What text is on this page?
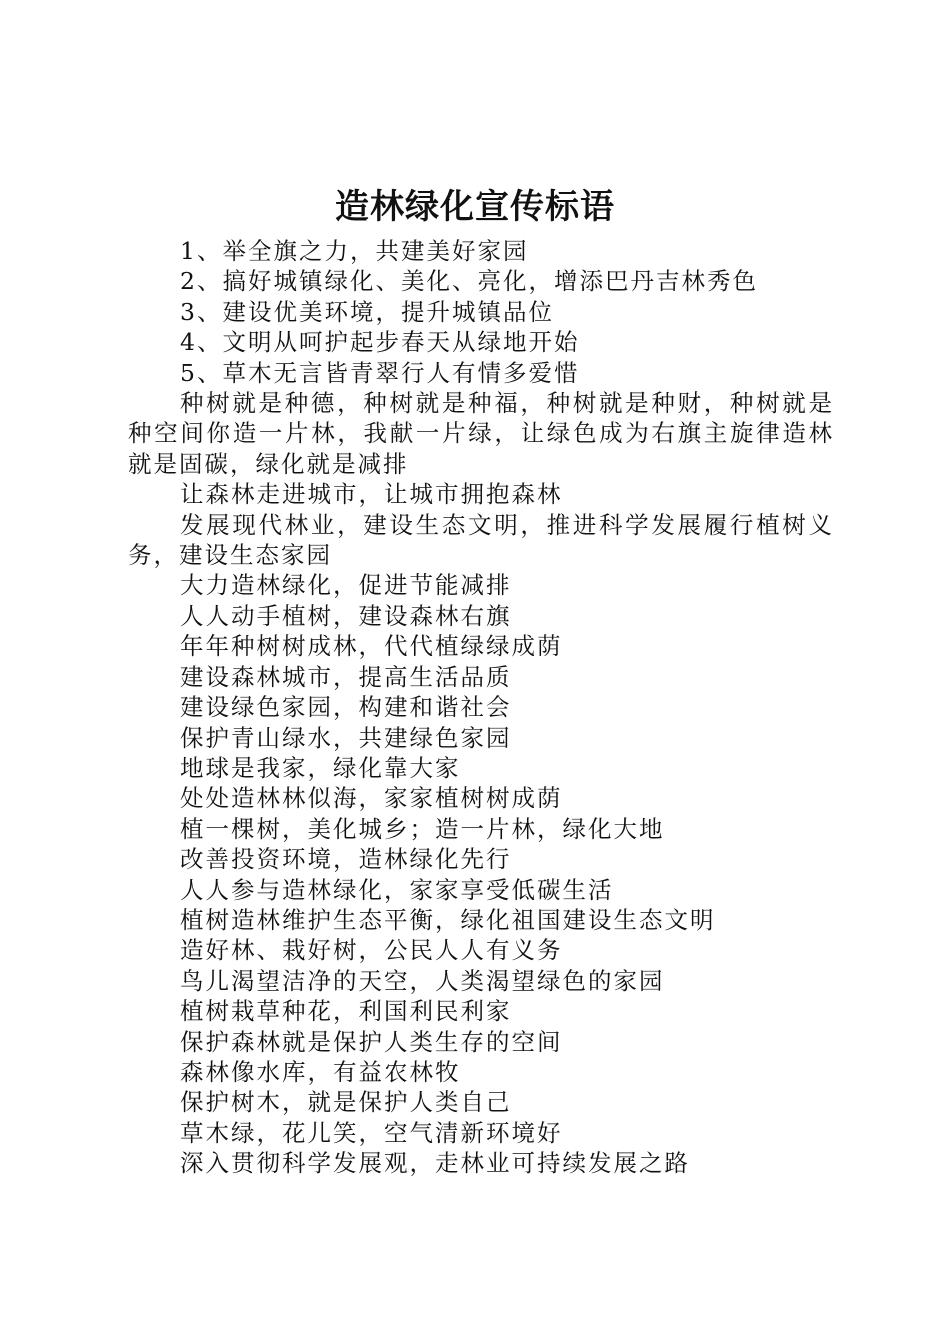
造林绿化宣传标语

1、举全旗之力，共建美好家园

2、搞好城镇绿化、美化、亮化，增添巴丹吉林秀色

3、建设优美环境，提升城镇品位

4、文明从呵护起步春天从绿地开始

5、草木无言皆青翠行人有情多爱惜

种树就是种德，种树就是种福，种树就是种财，种树就是种空间你造一片林，我献一片绿，让绿色成为右旗主旋律造林就是固碳，绿化就是减排

让森林走进城市，让城市拥抱森林

发展现代林业，建设生态文明，推进科学发展履行植树义务，建设生态家园

大力造林绿化，促进节能减排

人人动手植树，建设森林右旗

年年种树树成林，代代植绿绿成荫

建设森林城市，提高生活品质

建设绿色家园，构建和谐社会

保护青山绿水，共建绿色家园

地球是我家，绿化靠大家

处处造林林似海，家家植树树成荫

植一棵树，美化城乡；造一片林，绿化大地

改善投资环境，造林绿化先行

人人参与造林绿化，家家享受低碳生活

植树造林维护生态平衡，绿化祖国建设生态文明

造好林、栽好树，公民人人有义务

鸟儿渴望洁净的天空，人类渴望绿色的家园

植树栽草种花，利国利民利家

保护森林就是保护人类生存的空间

森林像水库，有益农林牧

保护树木，就是保护人类自己

草木绿，花儿笑，空气清新环境好

深入贯彻科学发展观，走林业可持续发展之路
